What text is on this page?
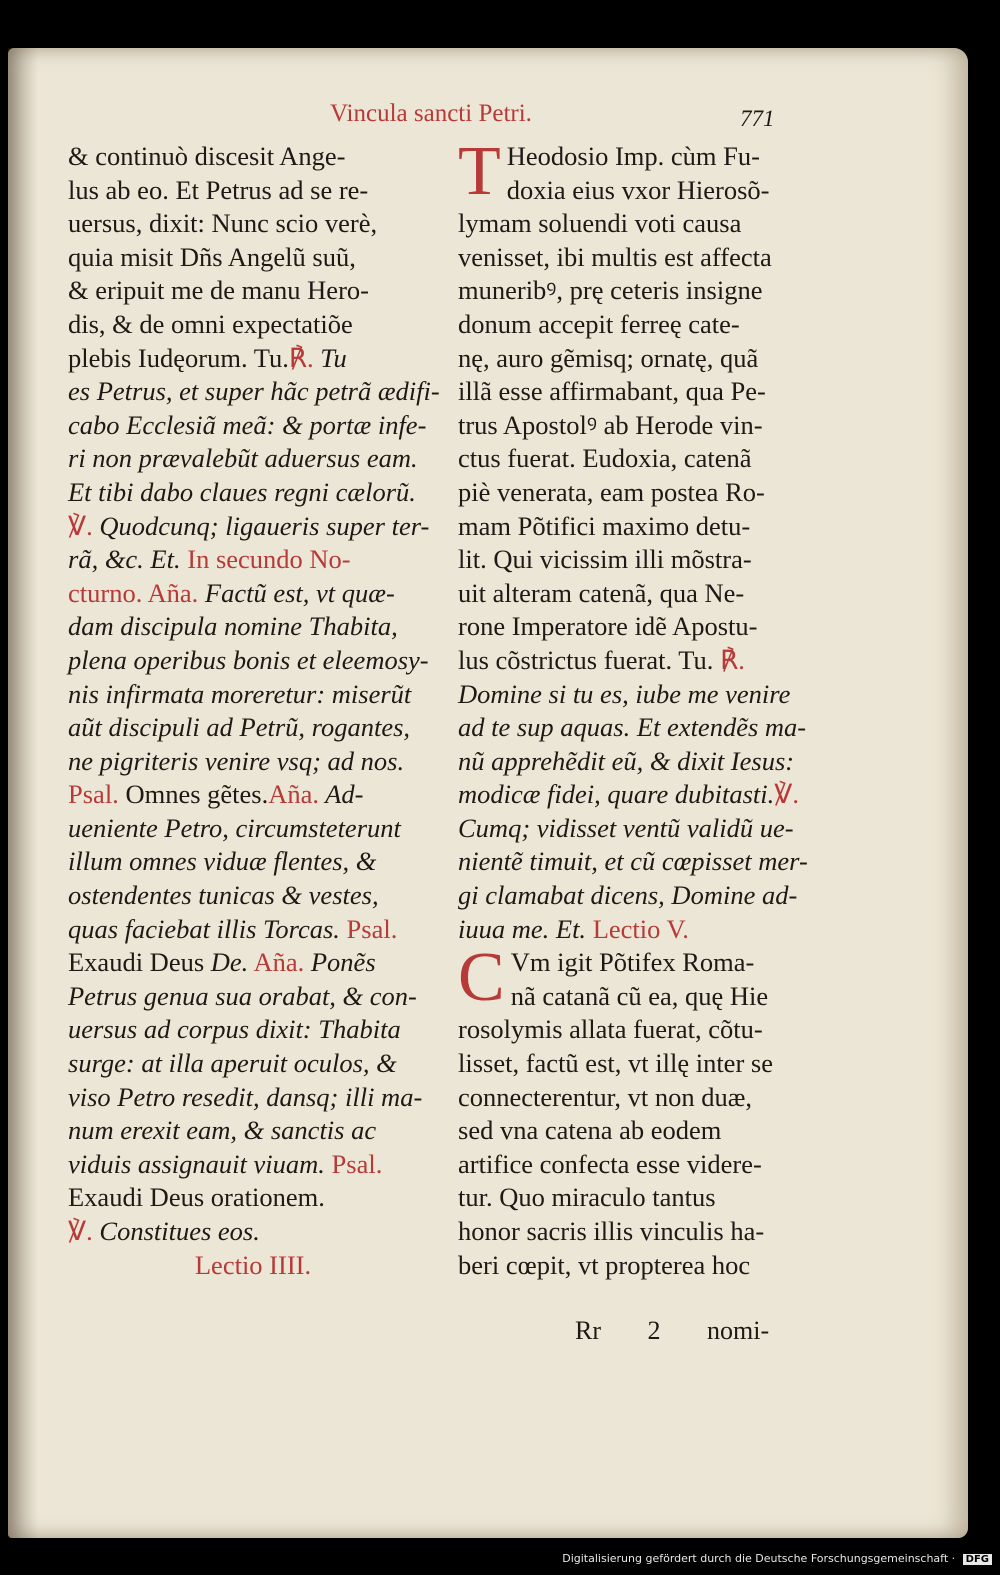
Vincula sancti Petri.	771
& continuò discesit Ange-
lus ab eo. Et Petrus ad se re-
uersus, dixit: Nunc scio verè,
quia misit Dñs Angelũ suũ,
& eripuit me de manu Hero-
dis, & de omni expectatiõe
plebis Iudęorum. Tu.℟. Tu
es Petrus, et super hãc petrã ædifi-
cabo Ecclesiã meã: & portæ infe-
ri non prævalebũt aduersus eam.
Et tibi dabo claues regni cælorũ.
℣. Quodcunq; ligaueris super ter-
rã, &c. Et. In secundo No-
cturno. Aña. Factũ est, vt quæ-
dam discipula nomine Thabita,
plena operibus bonis et eleemosy-
nis infirmata moreretur: miserũt
aũt discipuli ad Petrũ, rogantes,
ne pigriteris venire vsq; ad nos.
Psal. Omnes gẽtes.Aña. Ad-
ueniente Petro, circumsteterunt
illum omnes viduæ flentes, &
ostendentes tunicas & vestes,
quas faciebat illis Torcas. Psal.
Exaudi Deus De. Aña. Ponẽs
Petrus genua sua orabat, & con-
uersus ad corpus dixit: Thabita
surge: at illa aperuit oculos, &
viso Petro resedit, dansq; illi ma-
num erexit eam, & sanctis ac
viduis assignauit viuam. Psal.
Exaudi Deus orationem.
℣. Constitues eos.
Lectio IIII.
T Heodosio Imp. cùm Fu-
doxia eius vxor Hierosõ-
lymam soluendi voti causa
venisset, ibi multis est affecta
muneribꝰ, prę ceteris insigne
donum accepit ferreę cate-
nę, auro gẽmisq; ornatę, quã
illã esse affirmabant, qua Pe-
trus Apostolꝰ ab Herode vin-
ctus fuerat. Eudoxia, catenã
piè venerata, eam postea Ro-
mam Põtifici maximo detu-
lit. Qui vicissim illi mõstra-
uit alteram catenã, qua Ne-
rone Imperatore idẽ Apostu-
lus cõstrictus fuerat. Tu. ℟.
Domine si tu es, iube me venire
ad te sup aquas. Et extendẽs ma-
nũ apprehẽdit eũ, & dixit Iesus:
modicæ fidei, quare dubitasti.℣.
Cumq; vidisset ventũ validũ ue-
nientẽ timuit, et cũ cœpisset mer-
gi clamabat dicens, Domine ad-
iuua me. Et. Lectio V.
C Vm igit Põtifex Roma-
nã catanã cũ ea, quę Hie
rosolymis allata fuerat, cõtu-
lisset, factũ est, vt illę inter se
connecterentur, vt non duæ,
sed vna catena ab eodem
artifice confecta esse videre-
tur. Quo miraculo tantus
honor sacris illis vinculis ha-
beri cœpit, vt propterea hoc
Rr 2 nomi-
Digitalisierung gefördert durch die Deutsche Forschungsgemeinschaft · DFG
